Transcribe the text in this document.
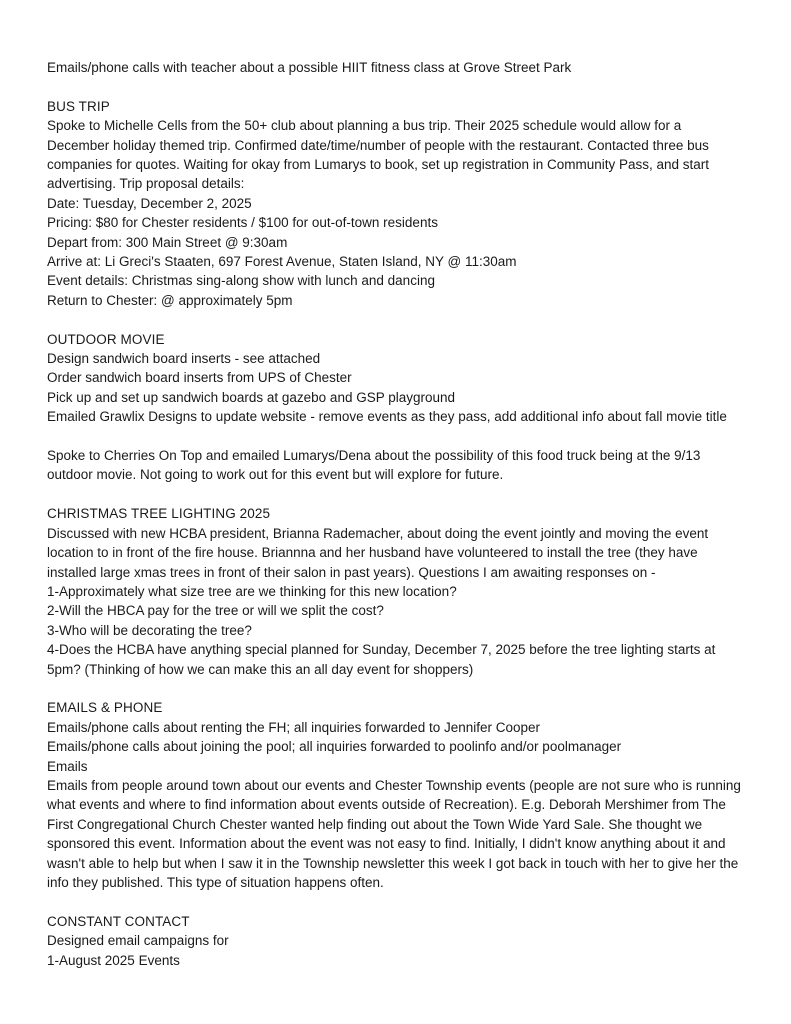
Emails/phone calls with teacher about a possible HIIT fitness class at Grove Street Park

BUS TRIP

Spoke to Michelle Cells from the 50+ club about planning a bus trip. Their 2025 schedule would allow for a December holiday themed trip. Confirmed date/time/number of people with the restaurant. Contacted three bus companies for quotes. Waiting for okay from Lumarys to book, set up registration in Community Pass, and start advertising. Trip proposal details:

Date: Tuesday, December 2, 2025

Pricing: $80 for Chester residents / $100 for out-of-town residents

Depart from: 300 Main Street @ 9:30am

Arrive at: Li Greci's Staaten, 697 Forest Avenue, Staten Island, NY @ 11:30am

Event details: Christmas sing-along show with lunch and dancing

Return to Chester: @ approximately 5pm

OUTDOOR MOVIE

Design sandwich board inserts - see attached

Order sandwich board inserts from UPS of Chester

Pick up and set up sandwich boards at gazebo and GSP playground

Emailed Grawlix Designs to update website - remove events as they pass, add additional info about fall movie title

Spoke to Cherries On Top and emailed Lumarys/Dena about the possibility of this food truck being at the 9/13 outdoor movie. Not going to work out for this event but will explore for future.

CHRISTMAS TREE LIGHTING 2025

Discussed with new HCBA president, Brianna Rademacher, about doing the event jointly and moving the event location to in front of the fire house. Briannna and her husband have volunteered to install the tree (they have installed large xmas trees in front of their salon in past years). Questions I am awaiting responses on -

1-Approximately what size tree are we thinking for this new location?

2-Will the HBCA pay for the tree or will we split the cost?

3-Who will be decorating the tree?

4-Does the HCBA have anything special planned for Sunday, December 7, 2025 before the tree lighting starts at 5pm? (Thinking of how we can make this an all day event for shoppers)

EMAILS & PHONE

Emails/phone calls about renting the FH; all inquiries forwarded to Jennifer Cooper

Emails/phone calls about joining the pool; all inquiries forwarded to poolinfo and/or poolmanager

Emails

Emails from people around town about our events and Chester Township events (people are not sure who is running what events and where to find information about events outside of Recreation). E.g. Deborah Mershimer from The First Congregational Church Chester wanted help finding out about the Town Wide Yard Sale. She thought we sponsored this event. Information about the event was not easy to find. Initially, I didn't know anything about it and wasn't able to help but when I saw it in the Township newsletter this week I got back in touch with her to give her the info they published. This type of situation happens often.

CONSTANT CONTACT

Designed email campaigns for

1-August 2025 Events
